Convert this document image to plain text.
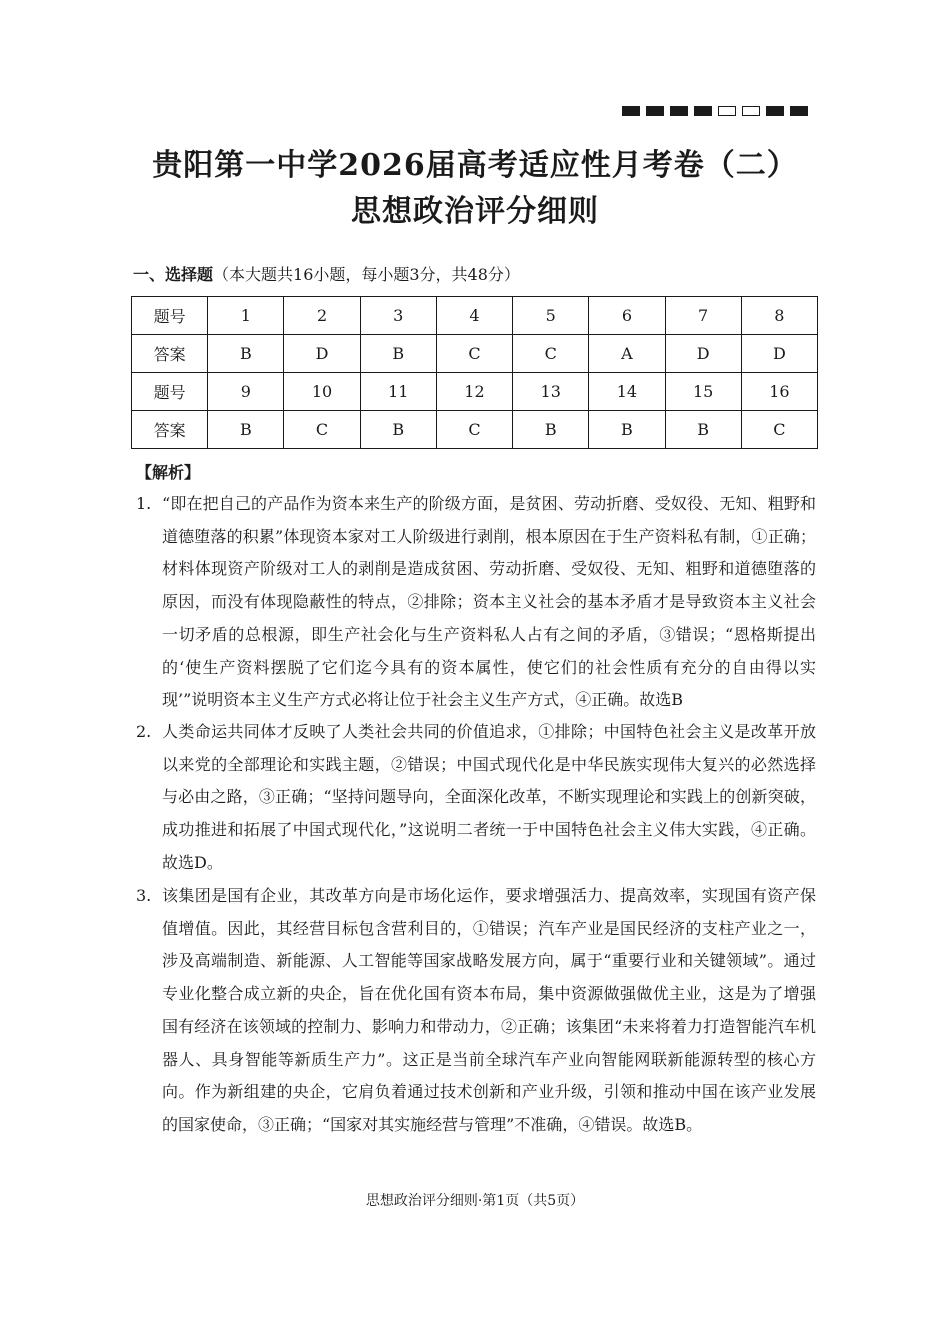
贵阳第一中学2026届高考适应性月考卷（二）
思想政治评分细则
一、选择题（本大题共16小题，每小题3分，共48分）
题号	1	2	3	4	5	6	7	8
答案	B	D	B	C	C	A	D	D
题号	9	10	11	12	13	14	15	16
答案	B	C	B	C	B	B	B	C
【解析】
1. “即在把自己的产品作为资本来生产的阶级方面，是贫困、劳动折磨、受奴役、无知、粗野和道德堕落的积累”体现资本家对工人阶级进行剥削，根本原因在于生产资料私有制，①正确；材料体现资产阶级对工人的剥削是造成贫困、劳动折磨、受奴役、无知、粗野和道德堕落的原因，而没有体现隐蔽性的特点，②排除；资本主义社会的基本矛盾才是导致资本主义社会一切矛盾的总根源，即生产社会化与生产资料私人占有之间的矛盾，③错误；“恩格斯提出的‘使生产资料摆脱了它们迄今具有的资本属性，使它们的社会性质有充分的自由得以实现’”说明资本主义生产方式必将让位于社会主义生产方式，④正确。故选B
2. 人类命运共同体才反映了人类社会共同的价值追求，①排除；中国特色社会主义是改革开放以来党的全部理论和实践主题，②错误；中国式现代化是中华民族实现伟大复兴的必然选择与必由之路，③正确；“坚持问题导向，全面深化改革，不断实现理论和实践上的创新突破，成功推进和拓展了中国式现代化，”这说明二者统一于中国特色社会主义伟大实践，④正确。故选D。
3. 该集团是国有企业，其改革方向是市场化运作，要求增强活力、提高效率，实现国有资产保值增值。因此，其经营目标包含营利目的，①错误；汽车产业是国民经济的支柱产业之一，涉及高端制造、新能源、人工智能等国家战略发展方向，属于“重要行业和关键领域”。通过专业化整合成立新的央企，旨在优化国有资本布局，集中资源做强做优主业，这是为了增强国有经济在该领域的控制力、影响力和带动力，②正确；该集团“未来将着力打造智能汽车机器人、具身智能等新质生产力”。这正是当前全球汽车产业向智能网联新能源转型的核心方向。作为新组建的央企，它肩负着通过技术创新和产业升级，引领和推动中国在该产业发展的国家使命，③正确；“国家对其实施经营与管理”不准确，④错误。故选B。
思想政治评分细则·第1页（共5页）
